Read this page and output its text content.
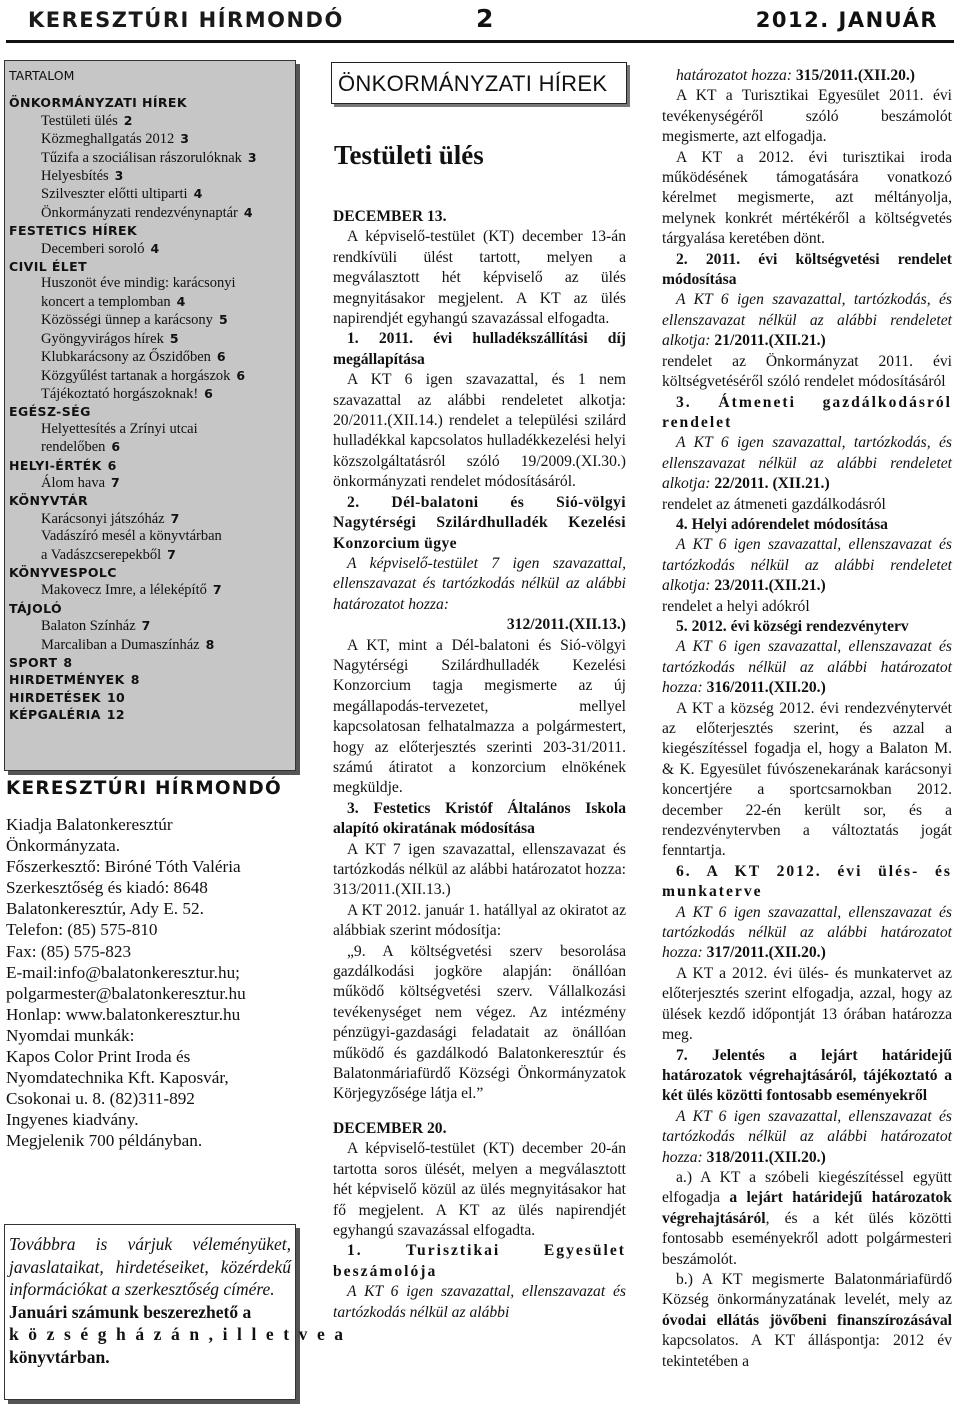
KERESZTÚRI HÍRMONDÓ	2	2012. JANUÁR
TARTALOM
ÖNKORMÁNYZATI HÍREK
Testületi ülés 2
Közmeghallgatás 2012 3
Tűzifa a szociálisan rászorulóknak 3
Helyesbítés 3
Szilveszter előtti ultiparti 4
Önkormányzati rendezvénynaptár 4
FESTETICS HÍREK
Decemberi soroló 4
CIVIL ÉLET
Huszonöt éve mindig: karácsonyi
koncert a templomban 4
Közösségi ünnep a karácsony 5
Gyöngyvirágos hírek 5
Klubkarácsony az Őszidőben 6
Közgyűlést tartanak a horgászok 6
Tájékoztató horgászoknak! 6
EGÉSZ-SÉG
Helyettesítés a Zrínyi utcai
rendelőben 6
HELYI-ÉRTÉK 6
Álom hava 7
KÖNYVTÁR
Karácsonyi játszóház 7
Vadászíró mesél a könyvtárban
a Vadászcserepekből 7
KÖNYVESPOLC
Makovecz Imre, a léleképítő 7
TÁJOLÓ
Balaton Színház 7
Marcaliban a Dumaszínház 8
SPORT 8
HIRDETMÉNYEK 8
HIRDETÉSEK 10
KÉPGALÉRIA 12
KERESZTÚRI HÍRMONDÓ
Kiadja Balatonkeresztúr
Önkormányzata.
Főszerkesztő: Biróné Tóth Valéria
Szerkesztőség és kiadó: 8648
Balatonkeresztúr, Ady E. 52.
Telefon: (85) 575-810
Fax: (85) 575-823
E-mail:info@balatonkeresztur.hu;
polgarmester@balatonkeresztur.hu
Honlap: www.balatonkeresztur.hu
Nyomdai munkák:
Kapos Color Print Iroda és
Nyomdatechnika Kft. Kaposvár,
Csokonai u. 8. (82)311-892
Ingyenes kiadvány.
Megjelenik 700 példányban.
Továbbra is várjuk véleményüket, javaslataikat, hirdetéseiket, közérdekű információkat a szerkesztőség címére.
Januári számunk beszerezhető a
k ö z s é g h á z á n , i l l e t v e a
könyvtárban.
ÖNKORMÁNYZATI HÍREK
Testületi ülés

DECEMBER 13.

A képviselő-testület (KT) december 13-án rendkívüli ülést tartott, melyen a megválasztott hét képviselő az ülés megnyitásakor megjelent. A KT az ülés napirendjét egyhangú szavazással elfogadta.

1. 2011. évi hulladékszállítási díj megállapítása

A KT 6 igen szavazattal, és 1 nem szavazattal az alábbi rendeletet alkotja: 20/2011.(XII.14.) rendelet a települési szilárd hulladékkal kapcsolatos hulladékkezelési helyi közszolgáltatásról szóló 19/2009.(XI.30.) önkormányzati rendelet módosításáról.

2. Dél-balatoni és Sió-völgyi Nagytérségi Szilárdhulladék Kezelési Konzorcium ügye

A képviselő-testület 7 igen szavazattal, ellenszavazat és tartózkodás nélkül az alábbi határozatot hozza:

312/2011.(XII.13.)

A KT, mint a Dél-balatoni és Sió-völgyi Nagytérségi Szilárdhulladék Kezelési Konzorcium tagja megismerte az új megállapodás-tervezetet, mellyel kapcsolatosan felhatalmazza a polgármestert, hogy az előterjesztés szerinti 203-31/2011. számú átiratot a konzorcium elnökének megküldje.

3. Festetics Kristóf Általános Iskola alapító okiratának módosítása

A KT 7 igen szavazattal, ellenszavazat és tartózkodás nélkül az alábbi határozatot hozza: 313/2011.(XII.13.)

A KT 2012. január 1. hatállyal az okiratot az alábbiak szerint módosítja:

„9. A költségvetési szerv besorolása gazdálkodási jogköre alapján: önállóan működő költségvetési szerv. Vállalkozási tevékenységet nem végez. Az intézmény pénzügyi-gazdasági feladatait az önállóan működő és gazdálkodó Balatonkeresztúr és Balatonmáriafürdő Községi Önkormányzatok Körjegyzősége látja el.”

DECEMBER 20.

A képviselő-testület (KT) december 20-án tartotta soros ülését, melyen a megválasztott hét képviselő közül az ülés megnyitásakor hat fő megjelent. A KT az ülés napirendjét egyhangú szavazással elfogadta.

1. Turisztikai Egyesület beszámolója

A KT 6 igen szavazattal, ellenszavazat és tartózkodás nélkül az alábbi

határozatot hozza: 315/2011.(XII.20.)

A KT a Turisztikai Egyesület 2011. évi tevékenységéről szóló beszámolót megismerte, azt elfogadja.

A KT a 2012. évi turisztikai iroda működésének támogatására vonatkozó kérelmet megismerte, azt méltányolja, melynek konkrét mértékéről a költségvetés tárgyalása keretében dönt.

2. 2011. évi költségvetési rendelet módosítása

A KT 6 igen szavazattal, tartózkodás, és ellenszavazat nélkül az alábbi rendeletet alkotja: 21/2011.(XII.21.)

rendelet az Önkormányzat 2011. évi költségvetéséről szóló rendelet módosításáról

3. Átmeneti gazdálkodásról rendelet

A KT 6 igen szavazattal, tartózkodás, és ellenszavazat nélkül az alábbi rendeletet alkotja: 22/2011. (XII.21.)

rendelet az átmeneti gazdálkodásról

4. Helyi adórendelet módosítása

A KT 6 igen szavazattal, ellenszavazat és tartózkodás nélkül az alábbi rendeletet alkotja: 23/2011.(XII.21.)

rendelet a helyi adókról

5. 2012. évi községi rendezvényterv

A KT 6 igen szavazattal, ellenszavazat és tartózkodás nélkül az alábbi határozatot hozza: 316/2011.(XII.20.)

A KT a község 2012. évi rendezvénytervét az előterjesztés szerint, és azzal a kiegészítéssel fogadja el, hogy a Balaton M. & K. Egyesület fúvószenekarának karácsonyi koncertjére a sportcsarnokban 2012. december 22-én került sor, és a rendezvénytervben a változtatás jogát fenntartja.

6. A KT 2012. évi ülés- és munkaterve

A KT 6 igen szavazattal, ellenszavazat és tartózkodás nélkül az alábbi határozatot hozza: 317/2011.(XII.20.)

A KT a 2012. évi ülés- és munkatervet az előterjesztés szerint elfogadja, azzal, hogy az ülések kezdő időpontját 13 órában határozza meg.

7. Jelentés a lejárt határidejű határozatok végrehajtásáról, tájékoztató a két ülés közötti fontosabb eseményekről

A KT 6 igen szavazattal, ellenszavazat és tartózkodás nélkül az alábbi határozatot hozza: 318/2011.(XII.20.)

a.) A KT a szóbeli kiegészítéssel együtt elfogadja a lejárt határidejű határozatok végrehajtásáról, és a két ülés közötti fontosabb eseményekről adott polgármesteri beszámolót.

b.) A KT megismerte Balatonmáriafürdő Község önkormányzatának levelét, mely az óvodai ellátás jövőbeni finanszírozásával kapcsolatos. A KT álláspontja: 2012 év tekintetében a
